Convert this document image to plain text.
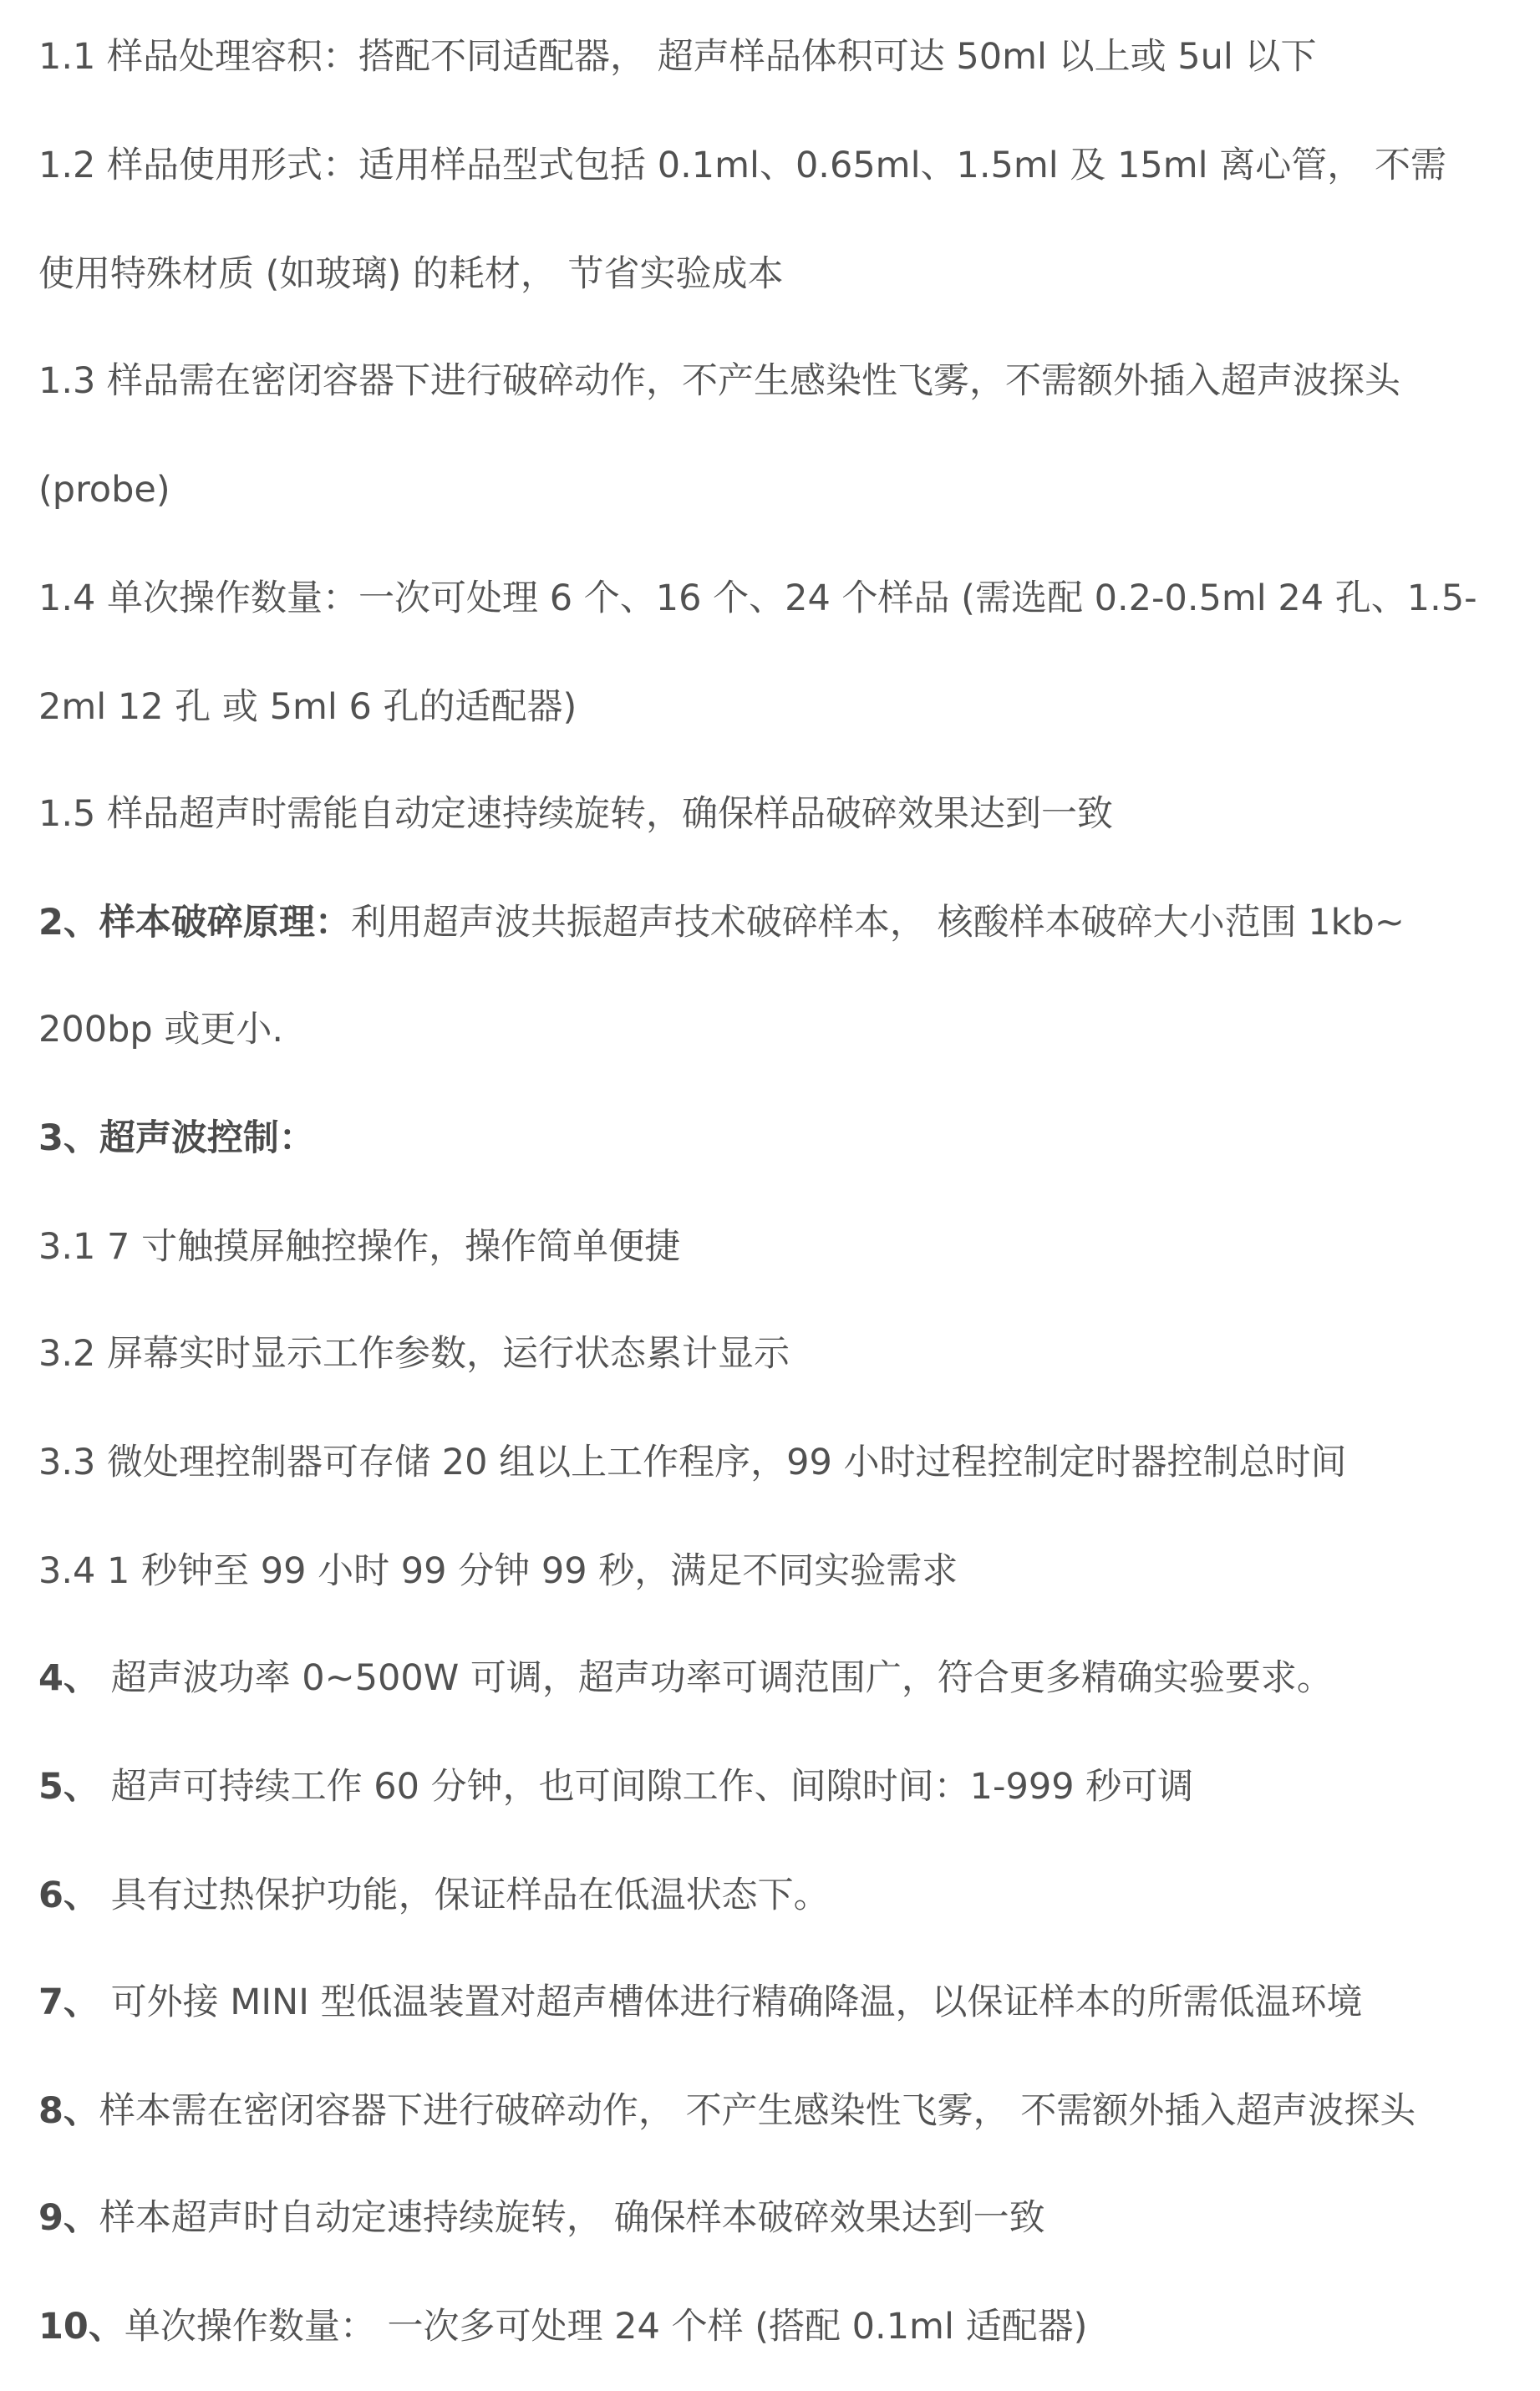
1.1 样品处理容积：搭配不同适配器， 超声样品体积可达 50ml 以上或 5ul 以下
1.2 样品使用形式：适用样品型式包括 0.1ml、0.65ml、1.5ml 及 15ml 离心管， 不需
使用特殊材质 (如玻璃) 的耗材， 节省实验成本
1.3 样品需在密闭容器下进行破碎动作，不产生感染性飞雾，不需额外插入超声波探头
(probe)
1.4 单次操作数量：一次可处理 6 个、16 个、24 个样品 (需选配 0.2-0.5ml 24 孔、1.5-
2ml 12 孔 或 5ml 6 孔的适配器)
1.5 样品超声时需能自动定速持续旋转，确保样品破碎效果达到一致
2、样本破碎原理：利用超声波共振超声技术破碎样本， 核酸样本破碎大小范围 1kb~
200bp 或更小.
3、超声波控制：
3.1 7 寸触摸屏触控操作，操作简单便捷
3.2 屏幕实时显示工作参数，运行状态累计显示
3.3 微处理控制器可存储 20 组以上工作程序，99 小时过程控制定时器控制总时间
3.4 1 秒钟至 99 小时 99 分钟 99 秒，满足不同实验需求
4、 超声波功率 0~500W 可调，超声功率可调范围广，符合更多精确实验要求。
5、 超声可持续工作 60 分钟，也可间隙工作、间隙时间：1-999 秒可调
6、 具有过热保护功能，保证样品在低温状态下。
7、 可外接 MINI 型低温装置对超声槽体进行精确降温，以保证样本的所需低温环境
8、样本需在密闭容器下进行破碎动作， 不产生感染性飞雾， 不需额外插入超声波探头
9、样本超声时自动定速持续旋转， 确保样本破碎效果达到一致
10、单次操作数量： 一次多可处理 24 个样 (搭配 0.1ml 适配器)
